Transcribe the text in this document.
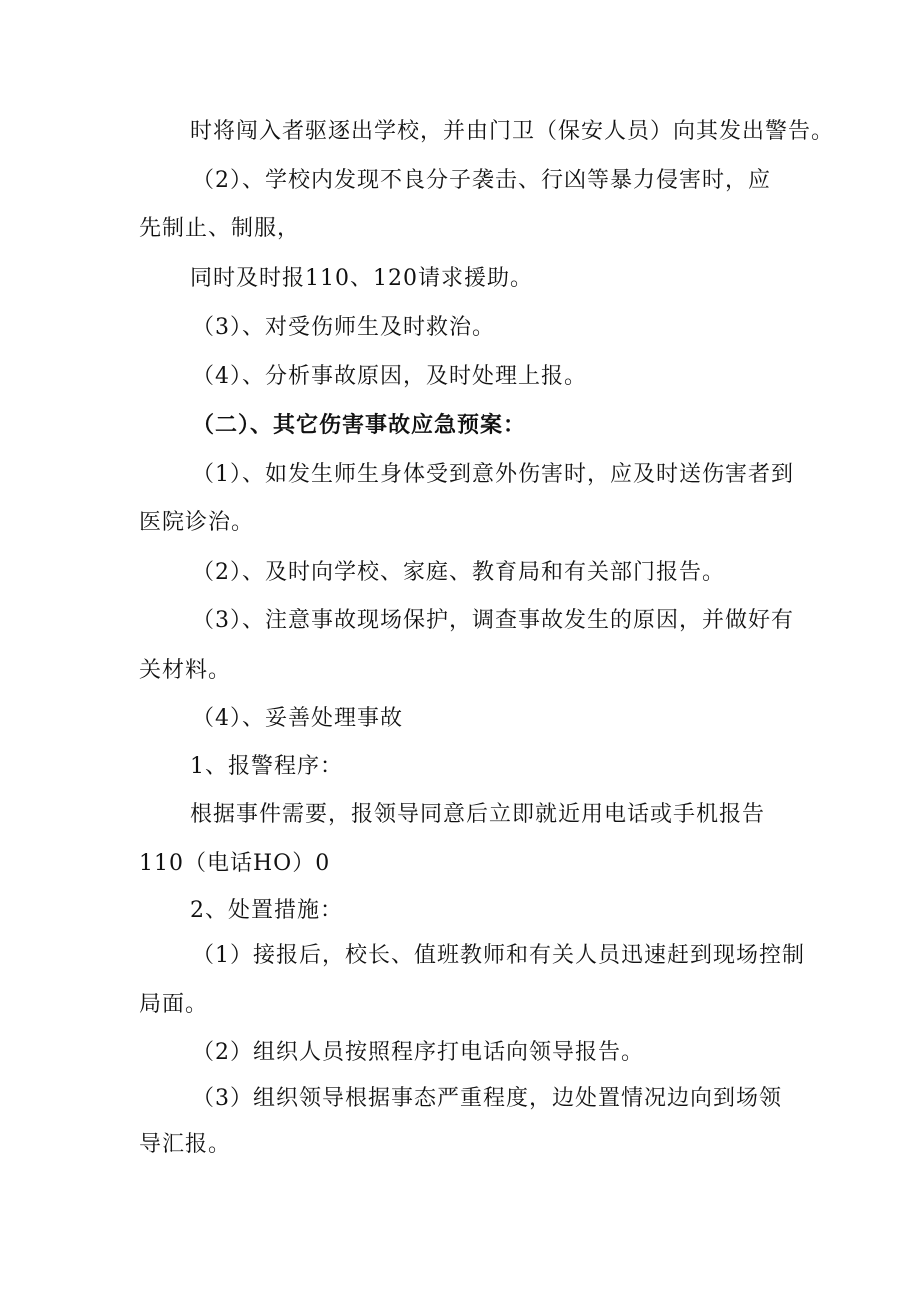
时将闯入者驱逐出学校，并由门卫（保安人员）向其发出警告。
（2）、学校内发现不良分子袭击、行凶等暴力侵害时，应
先制止、制服，
同时及时报110、120请求援助。
（3）、对受伤师生及时救治。
（4）、分析事故原因，及时处理上报。
（二）、其它伤害事故应急预案：
（1）、如发生师生身体受到意外伤害时，应及时送伤害者到
医院诊治。
（2）、及时向学校、家庭、教育局和有关部门报告。
（3）、注意事故现场保护，调查事故发生的原因，并做好有
关材料。
（4）、妥善处理事故
1、报警程序：
根据事件需要，报领导同意后立即就近用电话或手机报告
110（电话HO）0
2、处置措施：
（1）接报后，校长、值班教师和有关人员迅速赶到现场控制
局面。
（2）组织人员按照程序打电话向领导报告。
（3）组织领导根据事态严重程度，边处置情况边向到场领
导汇报。
